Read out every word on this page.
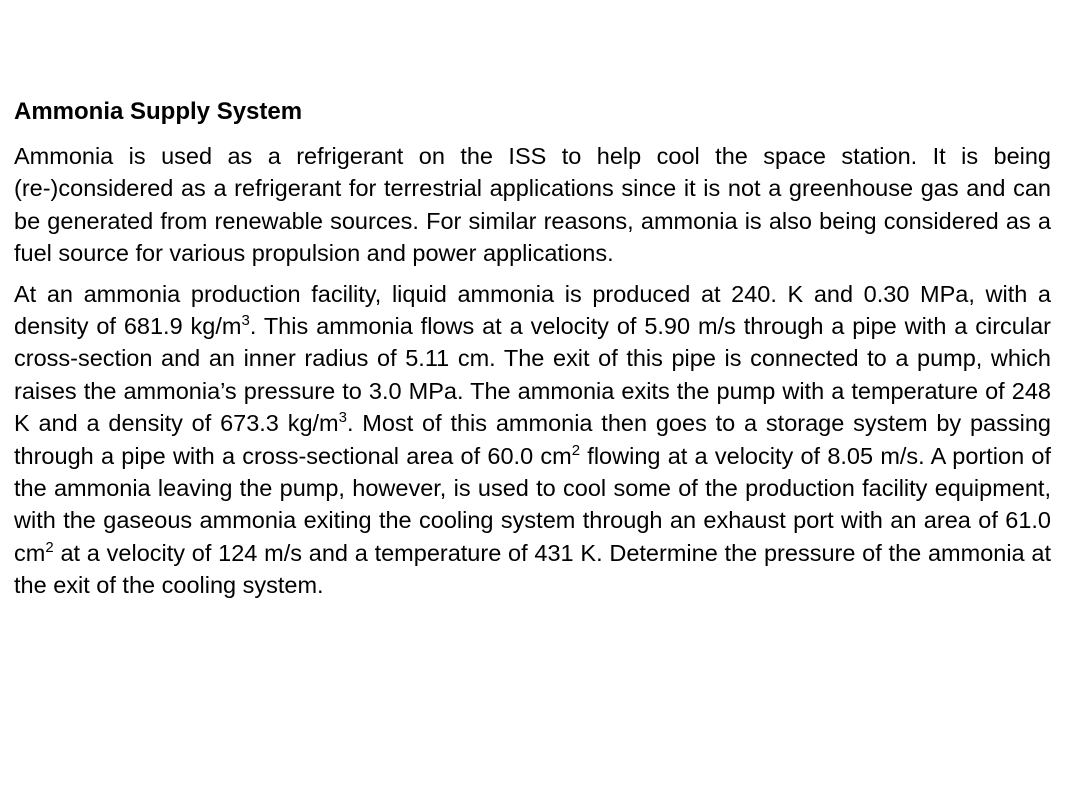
Ammonia Supply System

Ammonia is used as a refrigerant on the ISS to help cool the space station. It is being (re-)considered as a refrigerant for terrestrial applications since it is not a greenhouse gas and can be generated from renewable sources. For similar reasons, ammonia is also being considered as a fuel source for various propulsion and power applications.

At an ammonia production facility, liquid ammonia is produced at 240. K and 0.30 MPa, with a density of 681.9 $kg/m^3$. This ammonia flows at a velocity of 5.90 m/s through a pipe with a circular cross-section and an inner radius of 5.11 cm. The exit of this pipe is connected to a pump, which raises the ammonia’s pressure to 3.0 MPa. The ammonia exits the pump with a temperature of 248 K and a density of 673.3 $kg/m^3$. Most of this ammonia then goes to a storage system by passing through a pipe with a cross-sectional area of 60.0 $cm^2$ flowing at a velocity of 8.05 m/s. A portion of the ammonia leaving the pump, however, is used to cool some of the production facility equipment, with the gaseous ammonia exiting the cooling system through an exhaust port with an area of 61.0 $cm^2$ at a velocity of 124 m/s and a temperature of 431 K. Determine the pressure of the ammonia at the exit of the cooling system.
